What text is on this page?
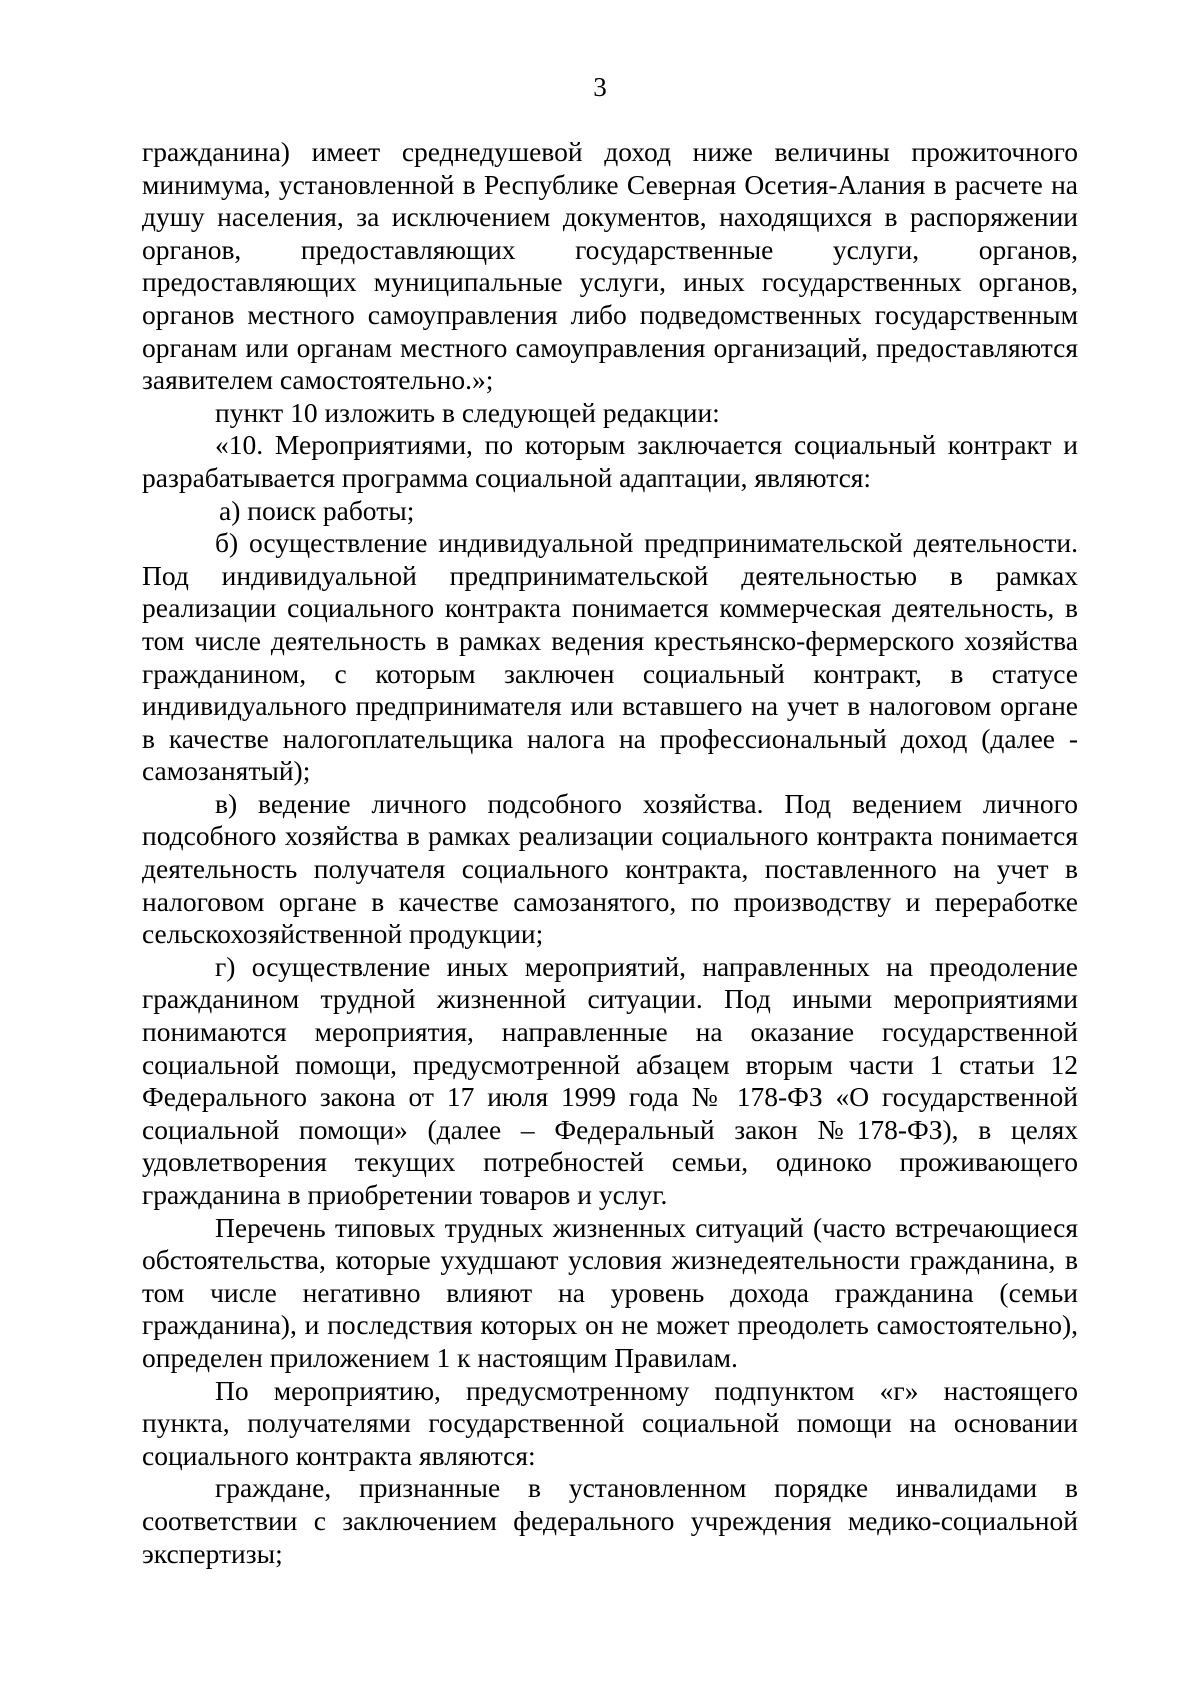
3

гражданина) имеет среднедушевой доход ниже величины прожиточного минимума, установленной в Республике Северная Осетия-Алания в расчете на душу населения, за исключением документов, находящихся в распоряжении органов, предоставляющих государственные услуги, органов, предоставляющих муниципальные услуги, иных государственных органов, органов местного самоуправления либо подведомственных государственным органам или органам местного самоуправления организаций, предоставляются заявителем самостоятельно.»;

пункт 10 изложить в следующей редакции:

«10. Мероприятиями, по которым заключается социальный контракт и разрабатывается программа социальной адаптации, являются:

а) поиск работы;

б) осуществление индивидуальной предпринимательской деятельности. Под индивидуальной предпринимательской деятельностью в рамках реализации социального контракта понимается коммерческая деятельность, в том числе деятельность в рамках ведения крестьянско-фермерского хозяйства гражданином, с которым заключен социальный контракт, в статусе индивидуального предпринимателя или вставшего на учет в налоговом органе в качестве налогоплательщика налога на профессиональный доход (далее - самозанятый);

в) ведение личного подсобного хозяйства. Под ведением личного подсобного хозяйства в рамках реализации социального контракта понимается деятельность получателя социального контракта, поставленного на учет в налоговом органе в качестве самозанятого, по производству и переработке сельскохозяйственной продукции;

г) осуществление иных мероприятий, направленных на преодоление гражданином трудной жизненной ситуации. Под иными мероприятиями понимаются мероприятия, направленные на оказание государственной социальной помощи, предусмотренной абзацем вторым части 1 статьи 12 Федерального закона от 17 июля 1999 года № 178-ФЗ «О государственной социальной помощи» (далее – Федеральный закон №178-ФЗ), в целях удовлетворения текущих потребностей семьи, одиноко проживающего гражданина в приобретении товаров и услуг.

Перечень типовых трудных жизненных ситуаций (часто встречающиеся обстоятельства, которые ухудшают условия жизнедеятельности гражданина, в том числе негативно влияют на уровень дохода гражданина (семьи гражданина), и последствия которых он не может преодолеть самостоятельно), определен приложением 1 к настоящим Правилам.

По мероприятию, предусмотренному подпунктом «г» настоящего пункта, получателями государственной социальной помощи на основании социального контракта являются:

граждане, признанные в установленном порядке инвалидами в соответствии с заключением федерального учреждения медико-социальной экспертизы;
